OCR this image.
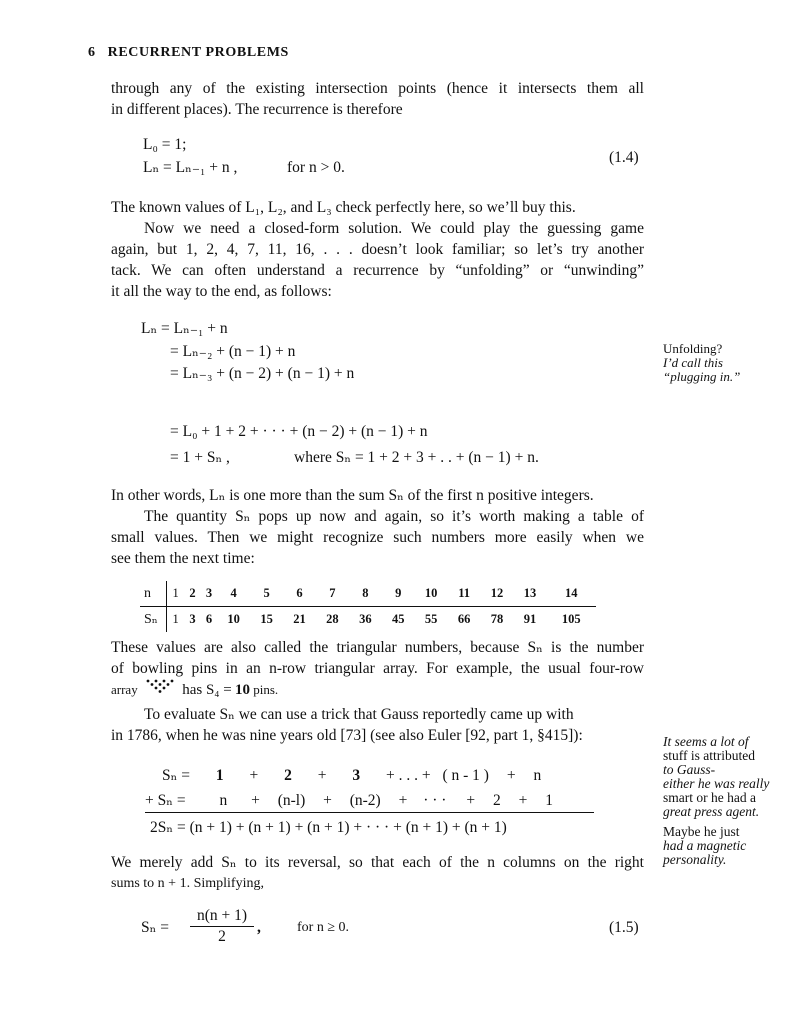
6 RECURRENT PROBLEMS
through any of the existing intersection points (hence it intersects them all
in different places). The recurrence is therefore
L₀ = 1;
Lₙ = Lₙ₋₁ + n ,	for n > 0.
(1.4)
The known values of L₁, L₂, and L₃ check perfectly here, so we’ll buy this.
Now we need a closed-form solution. We could play the guessing game
again, but 1, 2, 4, 7, 11, 16, . . . doesn’t look familiar; so let’s try another
tack. We can often understand a recurrence by “unfolding” or “unwinding”
it all the way to the end, as follows:
Lₙ = Lₙ₋₁ + n
= Lₙ₋₂ + (n − 1) + n
= Lₙ₋₃ + (n − 2) + (n − 1) + n
= L₀ + 1 + 2 + · · · + (n − 2) + (n − 1) + n
= 1 + Sₙ ,	where Sₙ = 1 + 2 + 3 + . . + (n − 1) + n.
Unfolding?
I’d call this
“plugging in.”
In other words, Lₙ is one more than the sum Sₙ of the first n positive integers.
The quantity Sₙ pops up now and again, so it’s worth making a table of
small values. Then we might recognize such numbers more easily when we
see them the next time:
n	1	2	3	4	5	6	7	8	9	10	11	12	13	14
Sₙ	1	3	6	10	15	21	28	36	45	55	66	78	91	105
These values are also called the triangular numbers, because Sₙ is the number
of bowling pins in an n-row triangular array. For example, the usual four-row
array	has S₄ = 10 pins.
To evaluate Sₙ we can use a trick that Gauss reportedly came up with
in 1786, when he was nine years old [73] (see also Euler [92, part 1, §415]):
Sₙ = 1 + 2 + 3 + . . . + ( n - 1 ) + n
+ Sₙ = n + (n-l) + (n-2) + · · · + 2 + 1
2Sₙ = (n + 1) + (n + 1) + (n + 1) + · · · + (n + 1) + (n + 1)
It seems a lot of
stuff is attributed
to Gauss-
either he was really
smart or he had a
great press agent.
Maybe he just
had a magnetic
personality.
We merely add Sₙ to its reversal, so that each of the n columns on the right
sums to n + 1. Simplifying,
Sₙ =
n(n + 1)
2
,	for n ≥ 0.	(1.5)
